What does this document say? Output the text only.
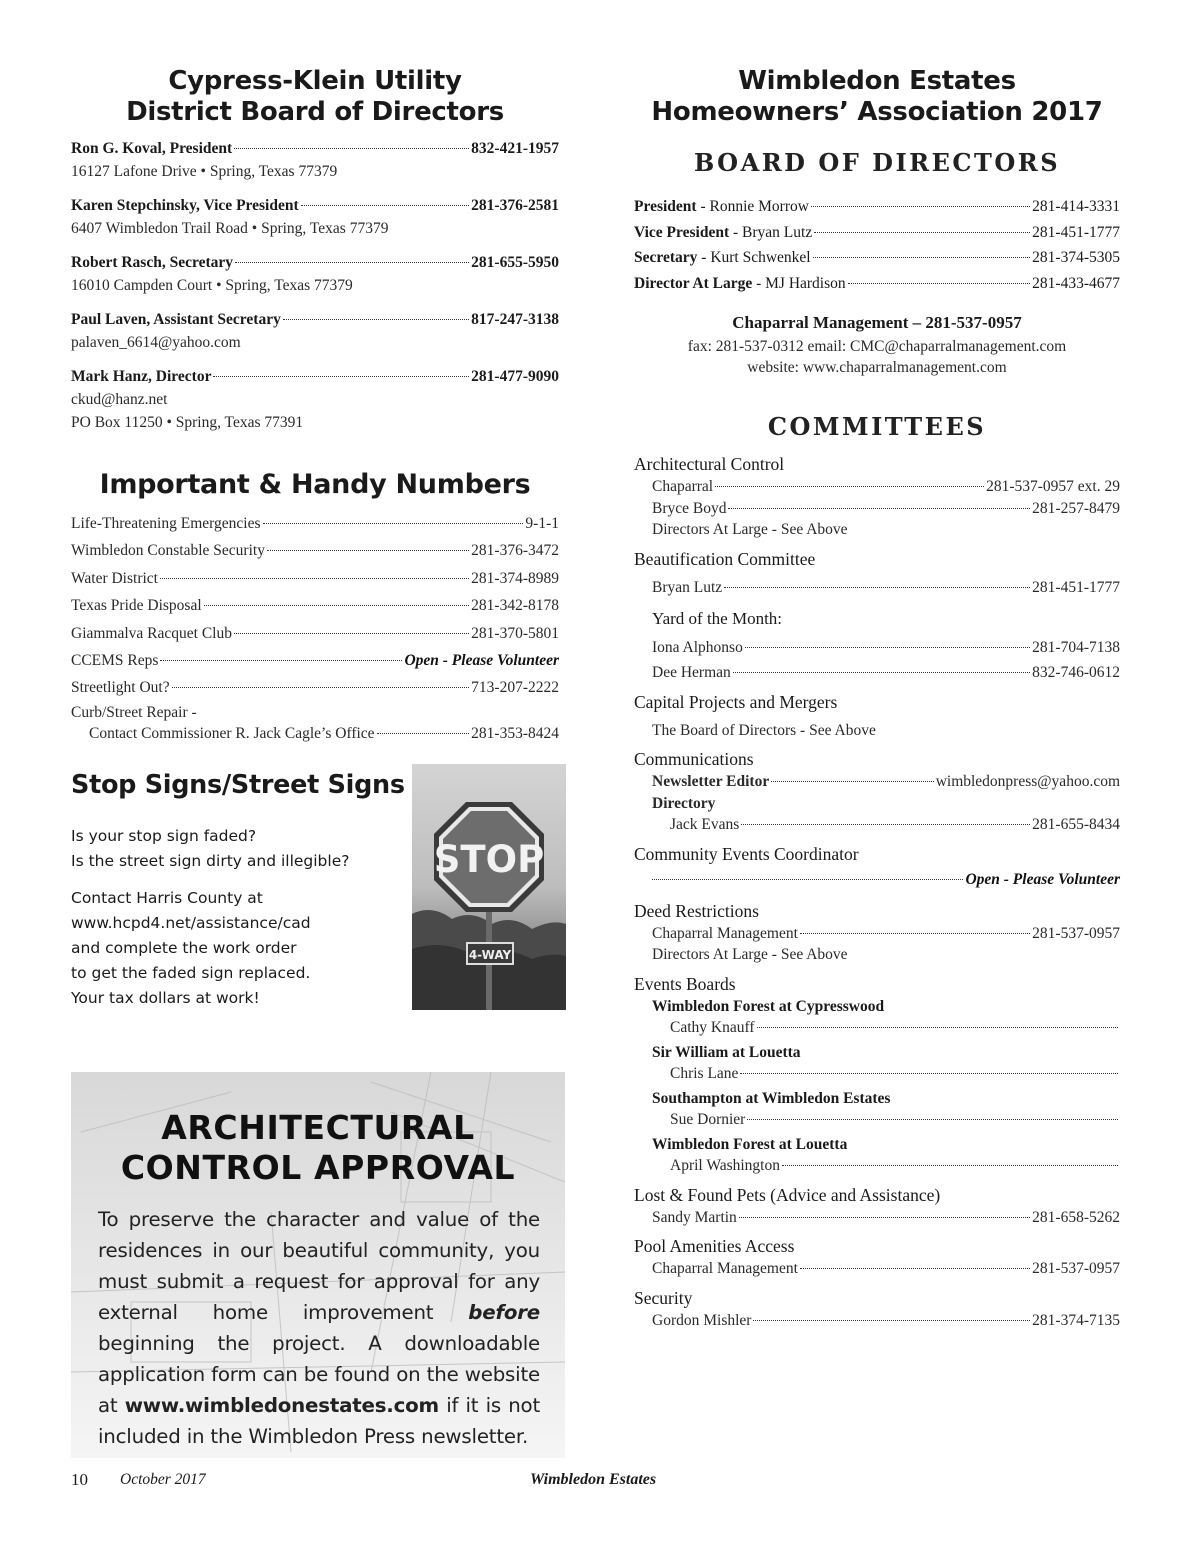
Cypress-Klein Utility
District Board of Directors
Ron G. Koval, President	832-421-1957
16127 Lafone Drive • Spring, Texas 77379
Karen Stepchinsky, Vice President	281-376-2581
6407 Wimbledon Trail Road • Spring, Texas 77379
Robert Rasch, Secretary	281-655-5950
16010 Campden Court • Spring, Texas 77379
Paul Laven, Assistant Secretary	817-247-3138
palaven_6614@yahoo.com
Mark Hanz, Director	281-477-9090
ckud@hanz.net
PO Box 11250 • Spring, Texas 77391
Important & Handy Numbers
Life-Threatening Emergencies	9-1-1
Wimbledon Constable Security	281-376-3472
Water District	281-374-8989
Texas Pride Disposal	281-342-8178
Giammalva Racquet Club	281-370-5801
CCEMS Reps	Open - Please Volunteer
Streetlight Out?	713-207-2222
Curb/Street Repair -
Contact Commissioner R. Jack Cagle’s Office	281-353-8424
Stop Signs/Street Signs

Is your stop sign faded?
Is the street sign dirty and illegible?

Contact Harris County at
www.hcpd4.net/assistance/cad
and complete the work order
to get the faded sign replaced.
Your tax dollars at work!

STOP
4-WAY
ARCHITECTURAL
CONTROL APPROVAL

To preserve the character and value of the residences in our beautiful community, you must submit a request for approval for any external home improvement before beginning the project. A downloadable application form can be found on the website at www.wimbledonestates.com if it is not included in the Wimbledon Press newsletter.

Wimbledon Estates
Homeowners’ Association 2017
BOARD OF DIRECTORS
President - Ronnie Morrow	281-414-3331
Vice President - Bryan Lutz	281-451-1777
Secretary - Kurt Schwenkel	281-374-5305
Director At Large - MJ Hardison	281-433-4677
Chaparral Management – 281-537-0957
fax: 281-537-0312 email: CMC@chaparralmanagement.com
website: www.chaparralmanagement.com
COMMITTEES
Architectural Control
Chaparral	281-537-0957 ext. 29
Bryce Boyd	281-257-8479
Directors At Large - See Above
Beautification Committee
Bryan Lutz	281-451-1777
Yard of the Month:
Iona Alphonso	281-704-7138
Dee Herman	832-746-0612
Capital Projects and Mergers
The Board of Directors - See Above
Communications
Newsletter Editor	wimbledonpress@yahoo.com
Directory
Jack Evans	281-655-8434
Community Events Coordinator
Open - Please Volunteer
Deed Restrictions
Chaparral Management	281-537-0957
Directors At Large - See Above
Events Boards
Wimbledon Forest at Cypresswood
Cathy Knauff
Sir William at Louetta
Chris Lane
Southampton at Wimbledon Estates
Sue Dornier
Wimbledon Forest at Louetta
April Washington
Lost & Found Pets (Advice and Assistance)
Sandy Martin	281-658-5262
Pool Amenities Access
Chaparral Management	281-537-0957
Security
Gordon Mishler	281-374-7135
10 October 2017	Wimbledon Estates
